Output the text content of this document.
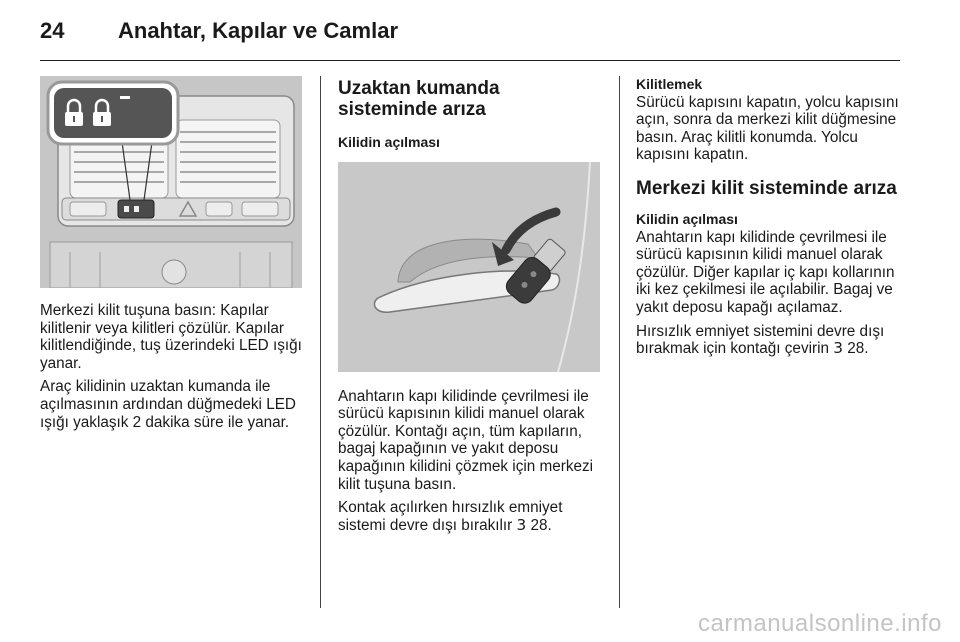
24 Anahtar, Kapılar ve Camlar

Merkezi kilit tuşuna basın: Kapılar kilitlenir veya kilitleri çözülür. Kapılar kilitlendiğinde, tuş üzerindeki LED ışığı yanar.

Araç kilidinin uzaktan kumanda ile açılmasının ardından düğmedeki LED ışığı yaklaşık 2 dakika süre ile yanar.

Uzaktan kumanda sisteminde arıza
Kilidin açılması

Anahtarın kapı kilidinde çevrilmesi ile sürücü kapısının kilidi manuel olarak çözülür. Kontağı açın, tüm kapıların, bagaj kapağının ve yakıt deposu kapağının kilidini çözmek için merkezi kilit tuşuna basın.

Kontak açılırken hırsızlık emniyet sistemi devre dışı bırakılır 3 28.

Kilitlemek

Sürücü kapısını kapatın, yolcu kapısını açın, sonra da merkezi kilit düğmesine basın. Araç kilitli konumda. Yolcu kapısını kapatın.

Merkezi kilit sisteminde arıza
Kilidin açılması

Anahtarın kapı kilidinde çevrilmesi ile sürücü kapısının kilidi manuel olarak çözülür. Diğer kapılar iç kapı kollarının iki kez çekilmesi ile açılabilir. Bagaj ve yakıt deposu kapağı açılamaz.

Hırsızlık emniyet sistemini devre dışı bırakmak için kontağı çevirin 3 28.

carmanualsonline.info
